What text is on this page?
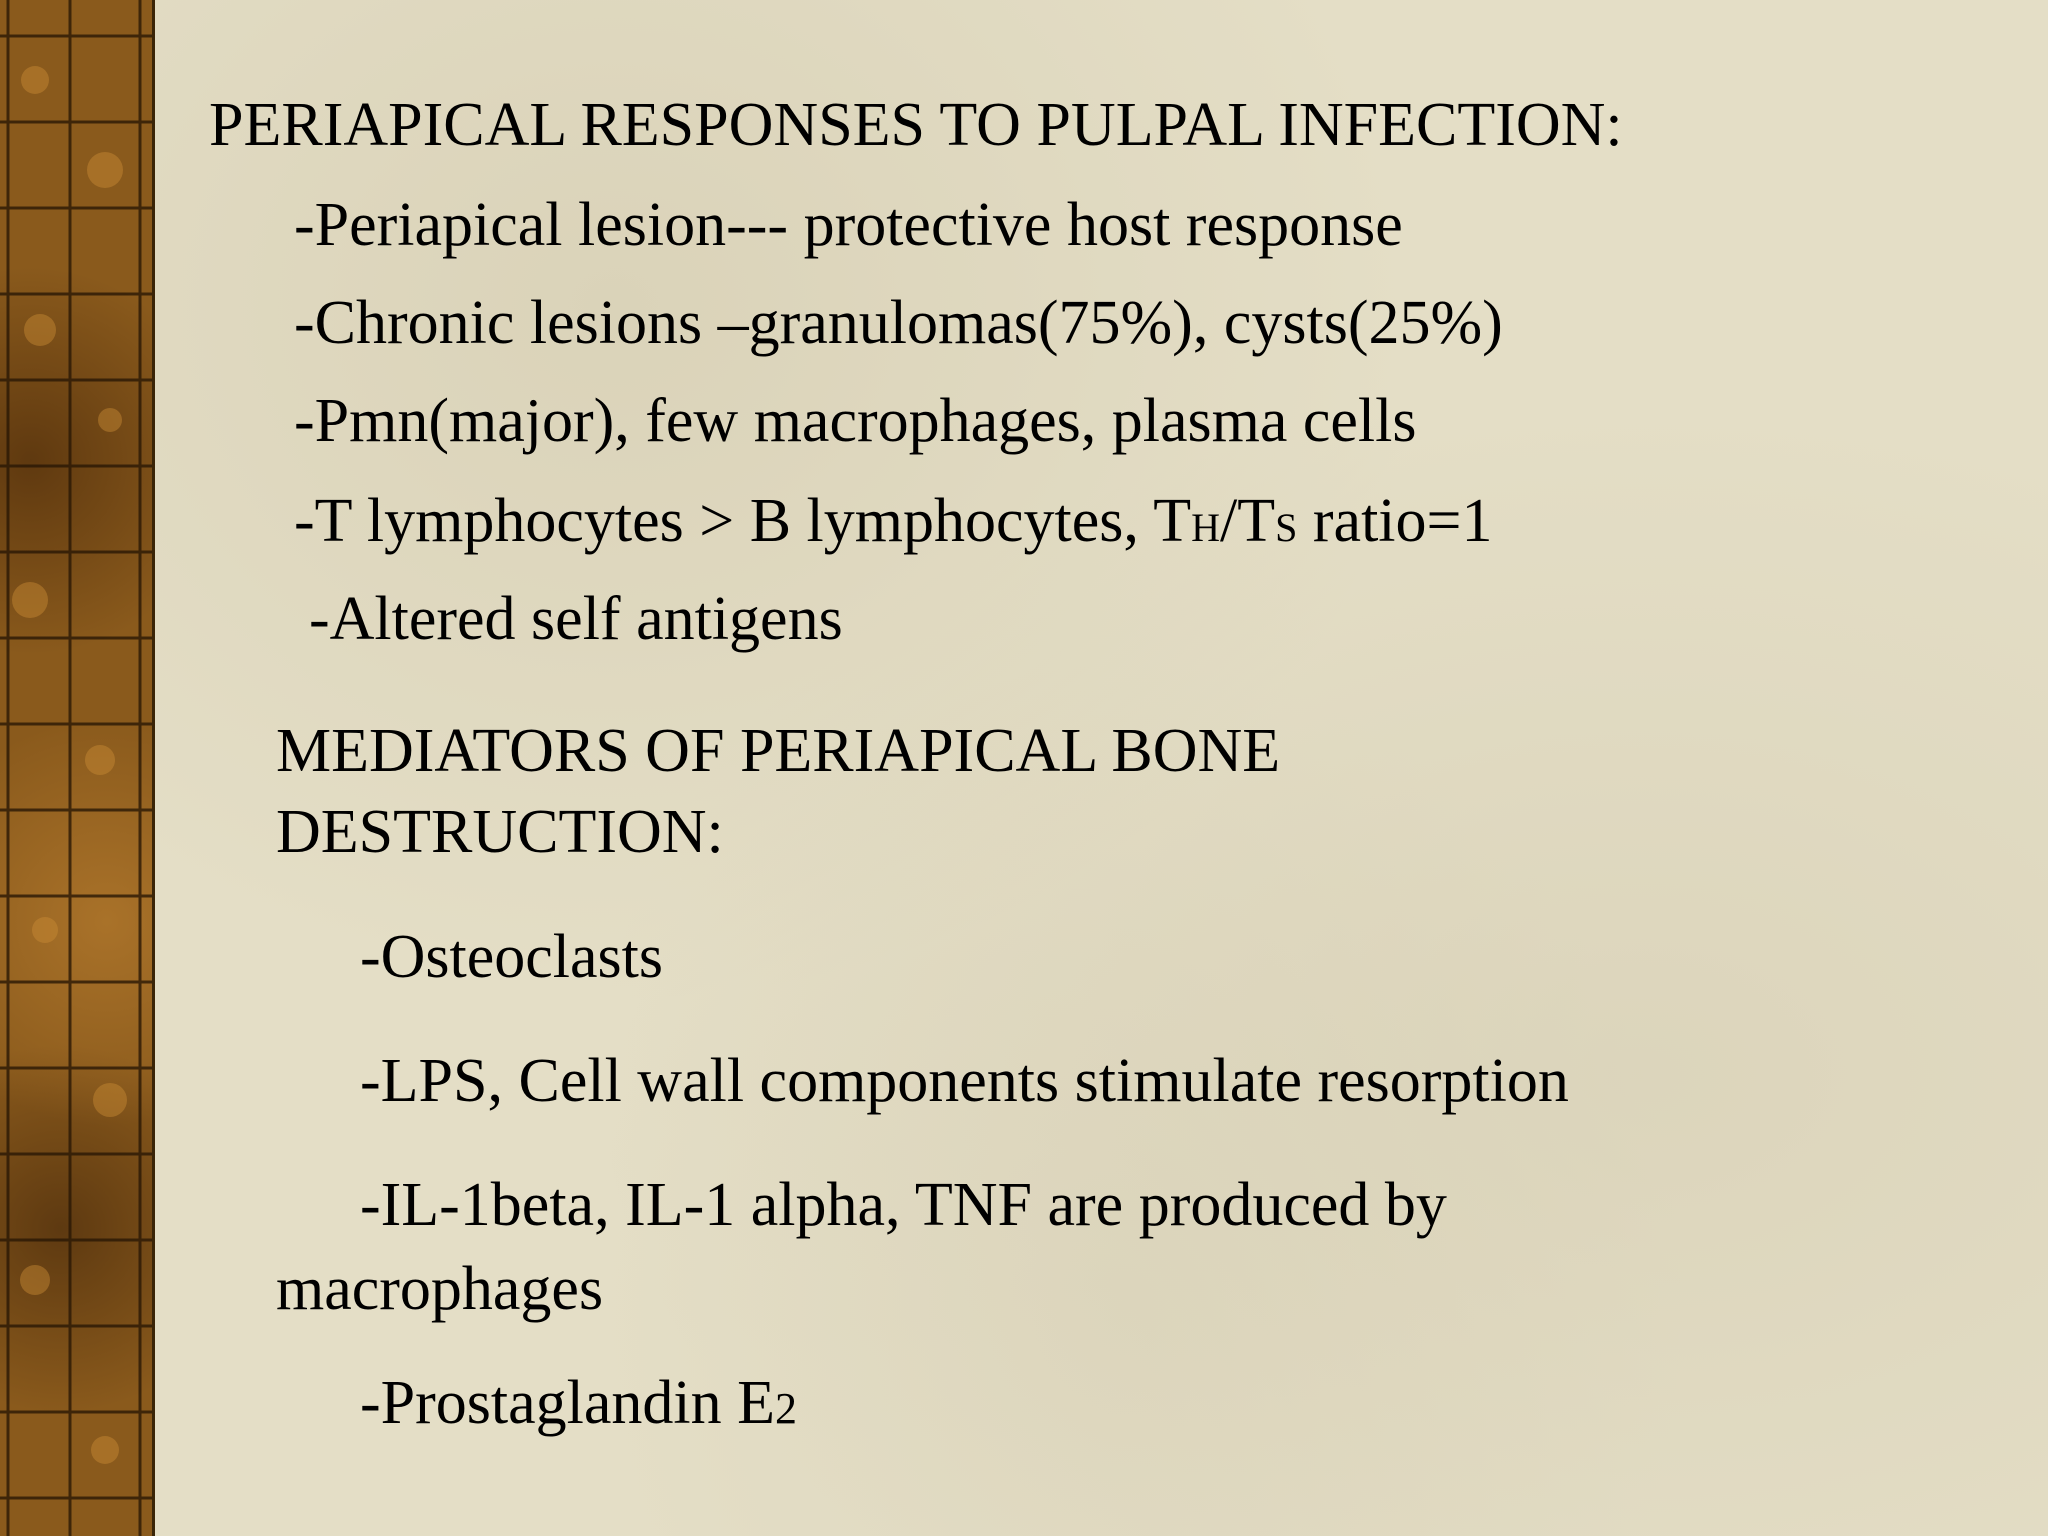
PERIAPICAL RESPONSES TO PULPAL INFECTION:

-Periapical lesion--- protective host response

-Chronic lesions –granulomas(75%), cysts(25%)

-Pmn(major), few macrophages, plasma cells

-T lymphocytes > B lymphocytes, TH/TS ratio=1

-Altered self antigens

MEDIATORS OF PERIAPICAL BONE
DESTRUCTION:

-Osteoclasts

-LPS, Cell wall components stimulate resorption

-IL-1beta, IL-1 alpha, TNF are produced by

macrophages

-Prostaglandin E2
